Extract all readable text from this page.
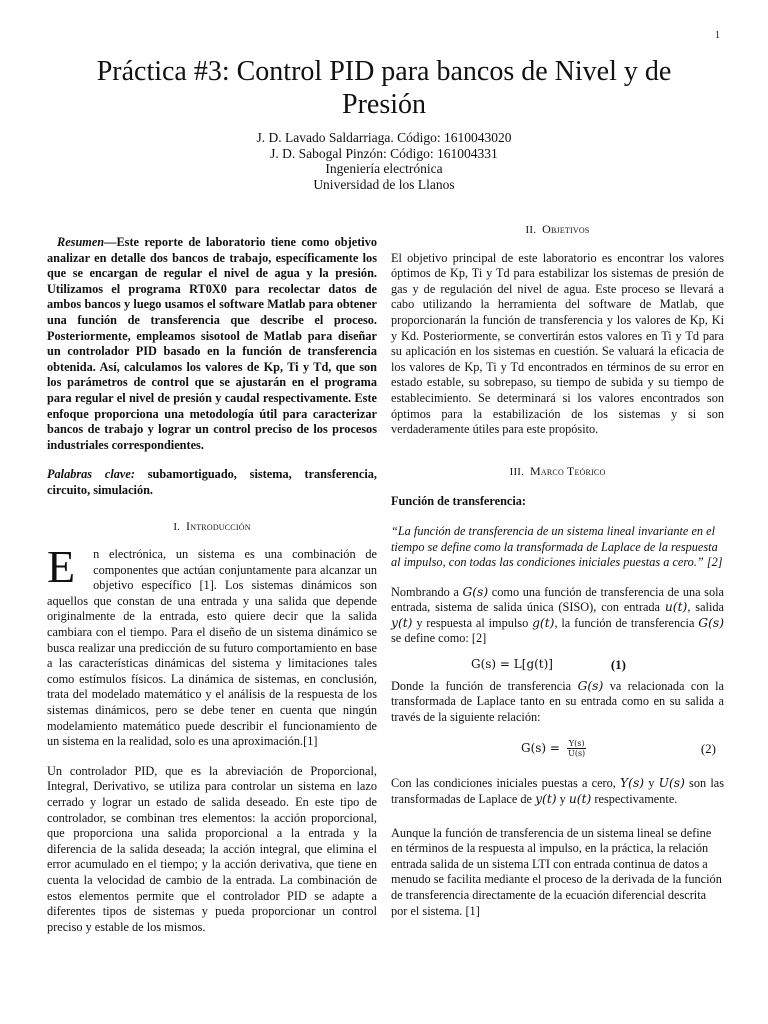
1
Práctica #3: Control PID para bancos de Nivel y de Presión
J. D. Lavado Saldarriaga. Código: 1610043020
J. D. Sabogal Pinzón: Código: 161004331
Ingeniería electrónica
Universidad de los Llanos

Resumen—Este reporte de laboratorio tiene como objetivo analizar en detalle dos bancos de trabajo, específicamente los que se encargan de regular el nivel de agua y la presión. Utilizamos el programa RT0X0 para recolectar datos de ambos bancos y luego usamos el software Matlab para obtener una función de transferencia que describe el proceso. Posteriormente, empleamos sisotool de Matlab para diseñar un controlador PID basado en la función de transferencia obtenida. Así, calculamos los valores de Kp, Ti y Td, que son los parámetros de control que se ajustarán en el programa para regular el nivel de presión y caudal respectivamente. Este enfoque proporciona una metodología útil para caracterizar bancos de trabajo y lograr un control preciso de los procesos industriales correspondientes.

Palabras clave: subamortiguado, sistema, transferencia, circuito, simulación.

I. Introducción

E n electrónica, un sistema es una combinación de componentes que actúan conjuntamente para alcanzar un objetivo específico [1]. Los sistemas dinámicos son aquellos que constan de una entrada y una salida que depende originalmente de la entrada, esto quiere decir que la salida cambiara con el tiempo. Para el diseño de un sistema dinámico se busca realizar una predicción de su futuro comportamiento en base a las características dinámicas del sistema y limitaciones tales como estímulos físicos. La dinámica de sistemas, en conclusión, trata del modelado matemático y el análisis de la respuesta de los sistemas dinámicos, pero se debe tener en cuenta que ningún modelamiento matemático puede describir el funcionamiento de un sistema en la realidad, solo es una aproximación.[1]

Un controlador PID, que es la abreviación de Proporcional, Integral, Derivativo, se utiliza para controlar un sistema en lazo cerrado y lograr un estado de salida deseado. En este tipo de controlador, se combinan tres elementos: la acción proporcional, que proporciona una salida proporcional a la entrada y la diferencia de la salida deseada; la acción integral, que elimina el error acumulado en el tiempo; y la acción derivativa, que tiene en cuenta la velocidad de cambio de la entrada. La combinación de estos elementos permite que el controlador PID se adapte a diferentes tipos de sistemas y pueda proporcionar un control preciso y estable de los mismos.

II. Objetivos

El objetivo principal de este laboratorio es encontrar los valores óptimos de Kp, Ti y Td para estabilizar los sistemas de presión de gas y de regulación del nivel de agua. Este proceso se llevará a cabo utilizando la herramienta del software de Matlab, que proporcionarán la función de transferencia y los valores de Kp, Ki y Kd. Posteriormente, se convertirán estos valores en Ti y Td para su aplicación en los sistemas en cuestión. Se valuará la eficacia de los valores de Kp, Ti y Td encontrados en términos de su error en estado estable, su sobrepaso, su tiempo de subida y su tiempo de establecimiento. Se determinará si los valores encontrados son óptimos para la estabilización de los sistemas y si son verdaderamente útiles para este propósito.

III. Marco Teórico

Función de transferencia:

“La función de transferencia de un sistema lineal invariante en el tiempo se define como la transformada de Laplace de la respuesta al impulso, con todas las condiciones iniciales puestas a cero.” [2]

Nombrando a G(s) como una función de transferencia de una sola entrada, sistema de salida única (SISO), con entrada u(t), salida y(t) y respuesta al impulso g(t), la función de transferencia G(s) se define como: [2]

G(s) = L[g(t)]	(1)

Donde la función de transferencia G(s) va relacionada con la transformada de Laplace tanto en su entrada como en su salida a través de la siguiente relación:

$G(s) = \frac{Y(s)}{U(s)}$	(2)

Con las condiciones iniciales puestas a cero, Y(s) y U(s) son las transformadas de Laplace de y(t) y u(t) respectivamente.

Aunque la función de transferencia de un sistema lineal se define en términos de la respuesta al impulso, en la práctica, la relación entrada salida de un sistema LTI con entrada continua de datos a menudo se facilita mediante el proceso de la derivada de la función de transferencia directamente de la ecuación diferencial descrita por el sistema. [1]
